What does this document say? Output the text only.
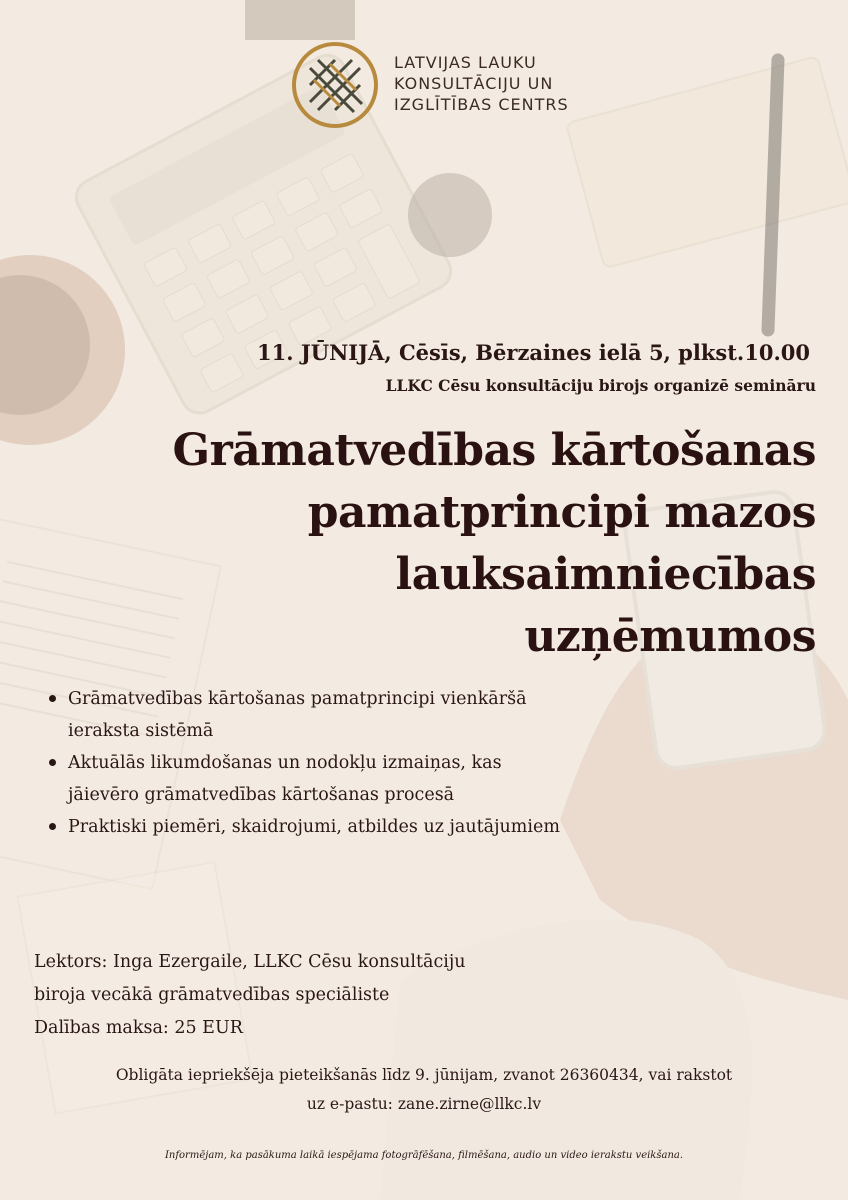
LATVIJAS LAUKU
KONSULTĀCIJU UN
IZGLĪTĪBAS CENTRS
11. JŪNIJĀ, Cēsīs, Bērzaines ielā 5, plkst.10.00
LLKC Cēsu konsultāciju birojs organizē semināru
Grāmatvedības kārtošanas
pamatprincipi mazos
lauksaimniecības
uzņēmumos
Grāmatvedības kārtošanas pamatprincipi vienkāršā ieraksta sistēmā
Aktuālās likumdošanas un nodokļu izmaiņas, kas jāievēro grāmatvedības kārtošanas procesā
Praktiski piemēri, skaidrojumi, atbildes uz jautājumiem
Lektors: Inga Ezergaile, LLKC Cēsu konsultāciju
biroja vecākā grāmatvedības speciāliste
Dalības maksa: 25 EUR
Obligāta iepriekšēja pieteikšanās līdz 9. jūnijam, zvanot 26360434, vai rakstot
uz e-pastu: zane.zirne@llkc.lv
Informējam, ka pasākuma laikā iespējama fotogrāfēšana, filmēšana, audio un video ierakstu veikšana.
